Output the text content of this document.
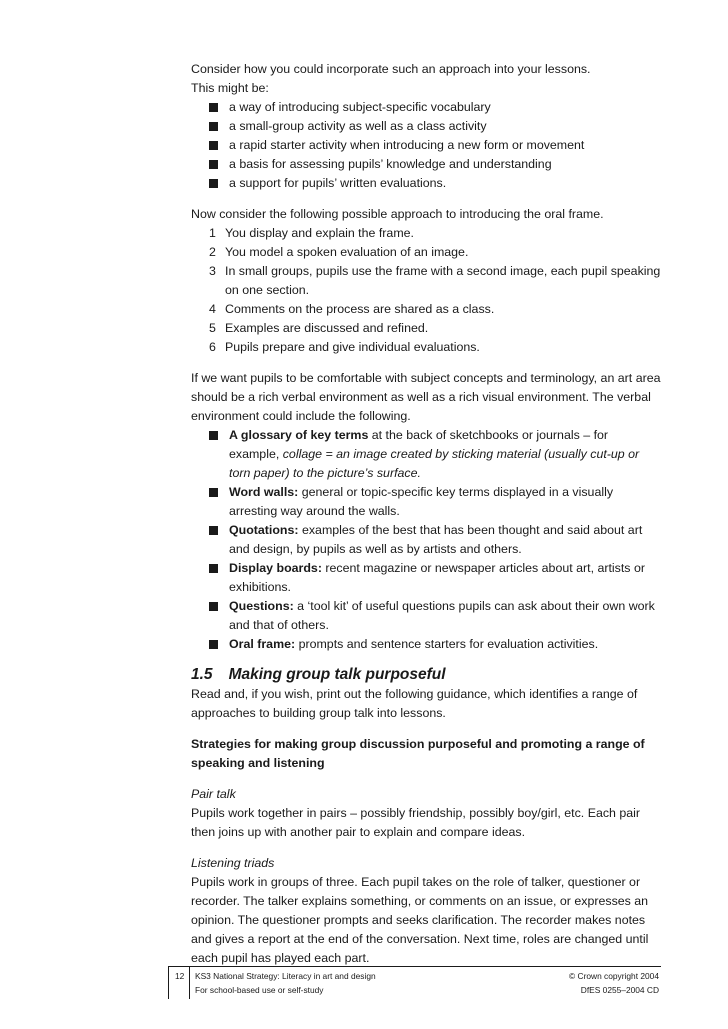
Consider how you could incorporate such an approach into your lessons.

This might be:

a way of introducing subject-specific vocabulary
a small-group activity as well as a class activity
a rapid starter activity when introducing a new form or movement
a basis for assessing pupils’ knowledge and understanding
a support for pupils’ written evaluations.

Now consider the following possible approach to introducing the oral frame.

1 You display and explain the frame.
2 You model a spoken evaluation of an image.
3 In small groups, pupils use the frame with a second image, each pupil speaking on one section.
4 Comments on the process are shared as a class.
5 Examples are discussed and refined.
6 Pupils prepare and give individual evaluations.

If we want pupils to be comfortable with subject concepts and terminology, an art area should be a rich verbal environment as well as a rich visual environment. The verbal environment could include the following.

A glossary of key terms at the back of sketchbooks or journals – for example, collage = an image created by sticking material (usually cut-up or torn paper) to the picture’s surface.
Word walls: general or topic-specific key terms displayed in a visually arresting way around the walls.
Quotations: examples of the best that has been thought and said about art and design, by pupils as well as by artists and others.
Display boards: recent magazine or newspaper articles about art, artists or exhibitions.
Questions: a ‘tool kit’ of useful questions pupils can ask about their own work and that of others.
Oral frame: prompts and sentence starters for evaluation activities.
1.5 Making group talk purposeful

Read and, if you wish, print out the following guidance, which identifies a range of approaches to building group talk into lessons.

Strategies for making group discussion purposeful and promoting a range of speaking and listening

Pair talk

Pupils work together in pairs – possibly friendship, possibly boy/girl, etc. Each pair then joins up with another pair to explain and compare ideas.

Listening triads

Pupils work in groups of three. Each pupil takes on the role of talker, questioner or recorder. The talker explains something, or comments on an issue, or expresses an opinion. The questioner prompts and seeks clarification. The recorder makes notes and gives a report at the end of the conversation. Next time, roles are changed until each pupil has played each part.

12 KS3 National Strategy: Literacy in art and design
For school-based use or self-study
© Crown copyright 2004
DfES 0255–2004 CD
